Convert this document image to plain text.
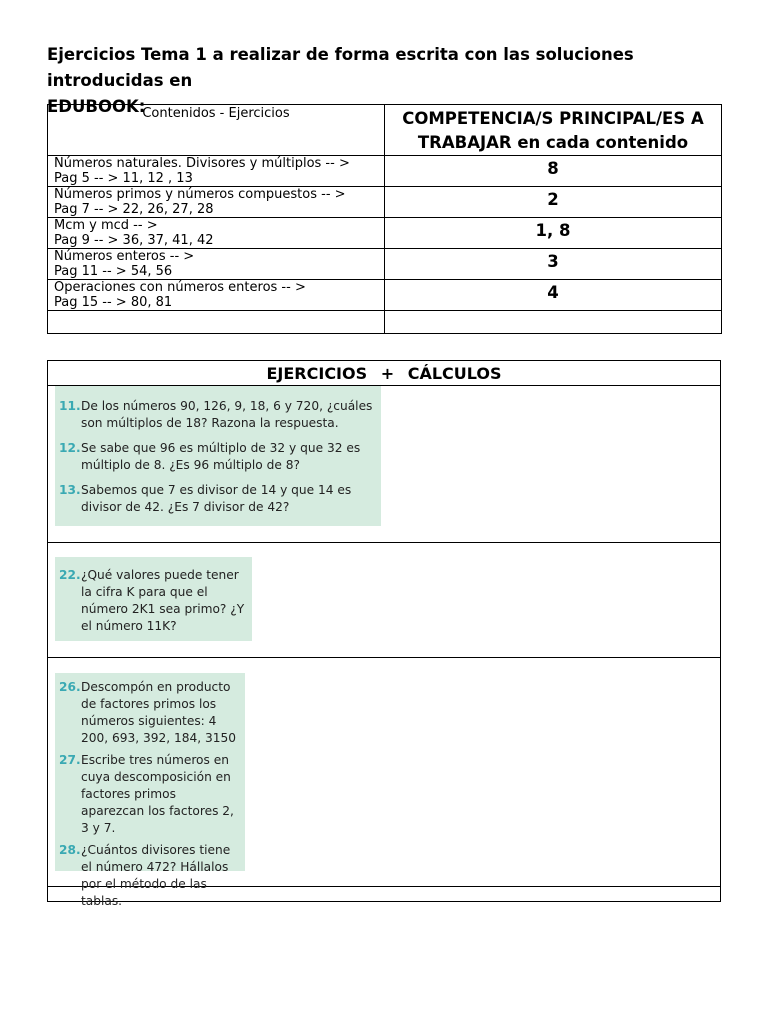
Ejercicios Tema 1 a realizar de forma escrita con las soluciones introducidas en
EDUBOOK:
Contenidos - Ejercicios	COMPETENCIA/S PRINCIPAL/ES A TRABAJAR en cada contenido

Números naturales. Divisores y múltiplos -- >
Pag 5 -- > 11, 12 , 13	8

Números primos y números compuestos -- >
Pag 7 -- > 22, 26, 27, 28	2

Mcm y mcd -- >
Pag 9 -- > 36, 37, 41, 42	1, 8

Números enteros -- >
Pag 11 -- > 54, 56	3

Operaciones con números enteros -- >
Pag 15 -- > 80, 81	4

EJERCICIOS + CÁLCULOS
11. De los números 90, 126, 9, 18, 6 y 720, ¿cuáles son múltiplos de 18? Razona la respuesta.
12. Se sabe que 96 es múltiplo de 32 y que 32 es múltiplo de 8. ¿Es 96 múltiplo de 8?
13. Sabemos que 7 es divisor de 14 y que 14 es divisor de 42. ¿Es 7 divisor de 42?
22. ¿Qué valores puede tener la cifra K para que el número 2K1 sea primo? ¿Y el número 11K?
26. Descompón en producto de factores primos los números siguientes: 4 200, 693, 392, 184, 3150
27. Escribe tres números en cuya descomposición en factores primos aparezcan los factores 2, 3 y 7.
28. ¿Cuántos divisores tiene el número 472? Hállalos por el método de las tablas.
